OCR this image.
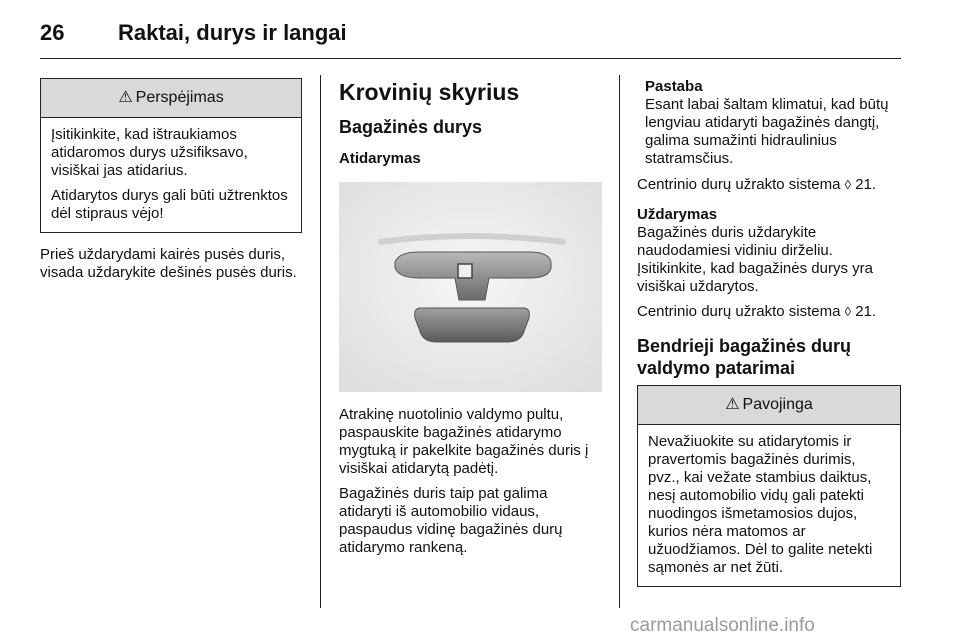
26 Raktai, durys ir langai
⚠ Perspėjimas

Įsitikinkite, kad ištraukiamos atidaromos durys užsifiksavo, visiškai jas atidarius.

Atidarytos durys gali būti užtrenktos dėl stipraus vėjo!

Prieš uždarydami kairės pusės duris, visada uždarykite dešinės pusės duris.

Krovinių skyrius
Bagažinės durys
Atidarymas

Atrakinę nuotolinio valdymo pultu, paspauskite bagažinės atidarymo mygtuką ir pakelkite bagažinės duris į visiškai atidarytą padėtį.

Bagažinės duris taip pat galima atidaryti iš automobilio vidaus, paspaudus vidinę bagažinės durų atidarymo rankeną.

Pastaba

Esant labai šaltam klimatui, kad būtų lengviau atidaryti bagažinės dangtį, galima sumažinti hidraulinius statramsčius.

Centrinio durų užrakto sistema ◊ 21.

Uždarymas

Bagažinės duris uždarykite naudodamiesi vidiniu dirželiu. Įsitikinkite, kad bagažinės durys yra visiškai uždarytos.

Centrinio durų užrakto sistema ◊ 21.

Bendrieji bagažinės durų valdymo patarimai
⚠ Pavojinga

Nevažiuokite su atidarytomis ir pravertomis bagažinės durimis, pvz., kai vežate stambius daiktus, nesį automobilio vidų gali patekti nuodingos išmetamosios dujos, kurios nėra matomos ar užuodžiamos. Dėl to galite netekti sąmonės ar net žūti.

carmanualsonline.info
